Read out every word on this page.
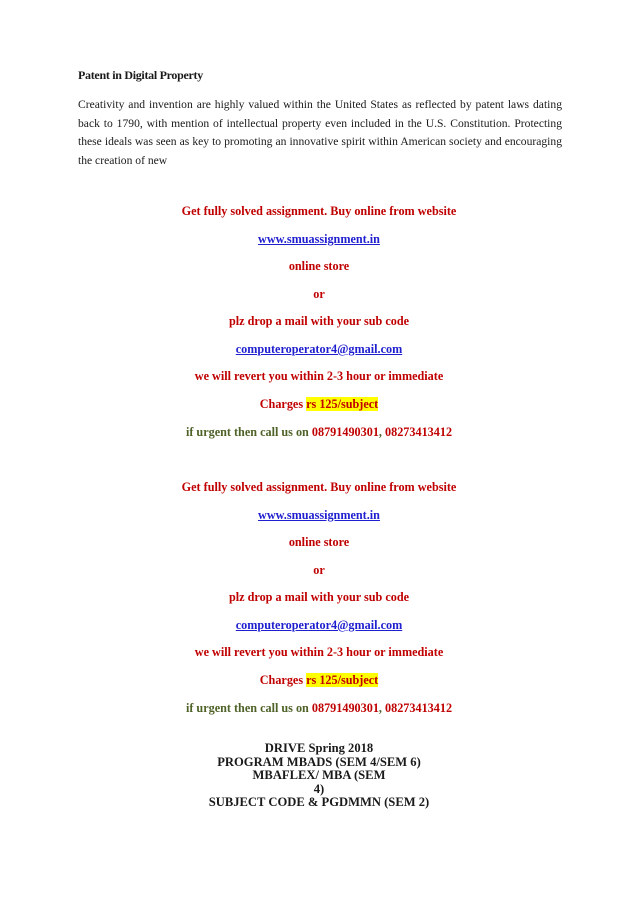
Patent in Digital Property
Creativity and invention are highly valued within the United States as reflected by patent laws dating back to 1790, with mention of intellectual property even included in the U.S. Constitution. Protecting these ideals was seen as key to promoting an innovative spirit within American society and encouraging the creation of new
Get fully solved assignment. Buy online from website
www.smuassignment.in
online store
or
plz drop a mail with your sub code
computeroperator4@gmail.com
we will revert you within 2-3 hour or immediate
Charges rs 125/subject
if urgent then call us on 08791490301, 08273413412
Get fully solved assignment. Buy online from website
www.smuassignment.in
online store
or
plz drop a mail with your sub code
computeroperator4@gmail.com
we will revert you within 2-3 hour or immediate
Charges rs 125/subject
if urgent then call us on 08791490301, 08273413412
DRIVE Spring 2018
PROGRAM MBADS (SEM 4/SEM 6)
MBAFLEX/ MBA (SEM
4)
SUBJECT CODE & PGDMMN (SEM 2)
